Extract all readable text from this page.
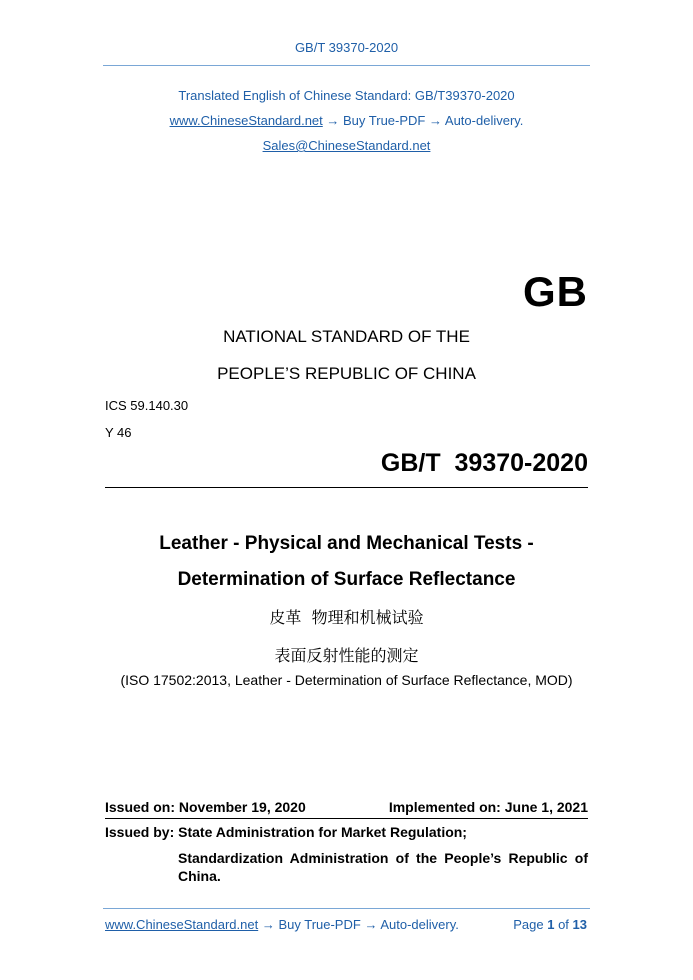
GB/T 39370-2020
Translated English of Chinese Standard: GB/T39370-2020
www.ChineseStandard.net → Buy True-PDF → Auto-delivery.
Sales@ChineseStandard.net
GB
NATIONAL STANDARD OF THE
PEOPLE’S REPUBLIC OF CHINA
ICS 59.140.30
Y 46
GB/T  39370-2020
Leather - Physical and Mechanical Tests -
Determination of Surface Reflectance
皮革  物理和机械试验
表面反射性能的测定
(ISO 17502:2013, Leather - Determination of Surface Reflectance, MOD)
Issued on: November 19, 2020	Implemented on: June 1, 2021
Issued by: State Administration for Market Regulation;
Standardization Administration of the People’s Republic of China.
www.ChineseStandard.net → Buy True-PDF → Auto-delivery.	Page 1 of 13
